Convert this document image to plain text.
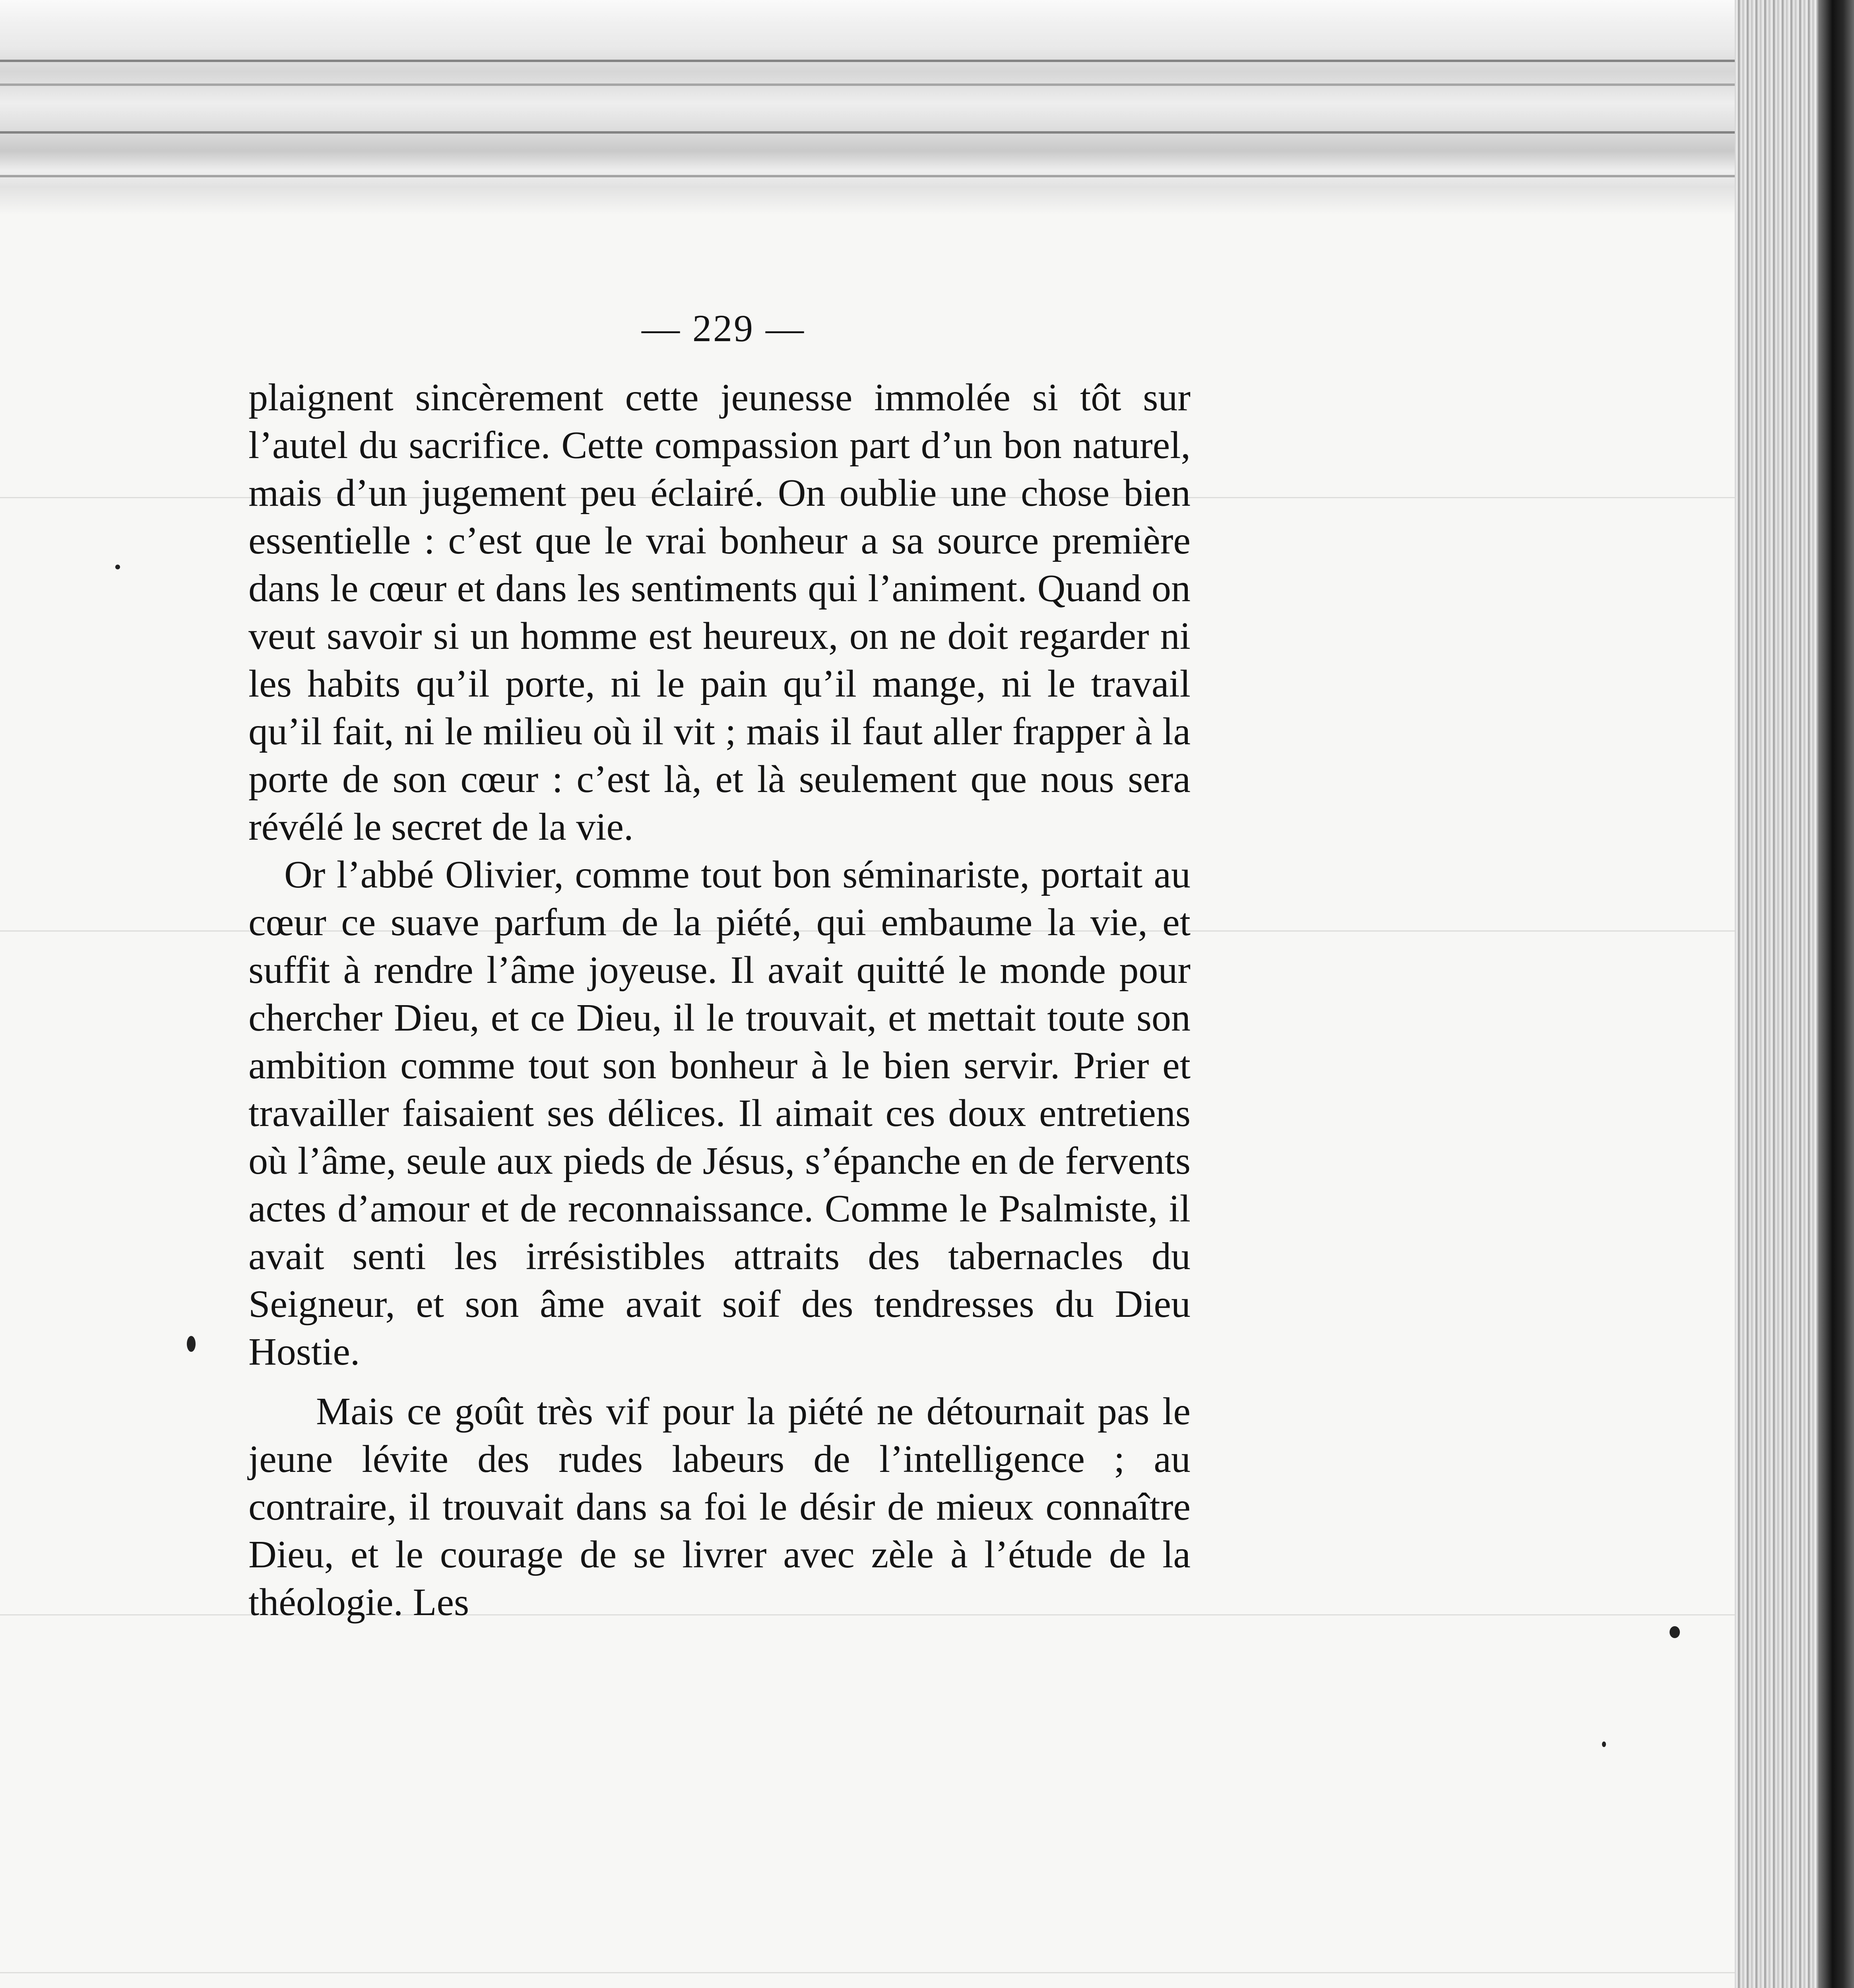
— 229 —

plaignent sincèrement cette jeunesse immolée si tôt sur l’autel du sacrifice. Cette compassion part d’un bon naturel, mais d’un jugement peu éclairé. On oublie une chose bien essentielle : c’est que le vrai bonheur a sa source première dans le cœur et dans les sentiments qui l’animent. Quand on veut savoir si un homme est heureux, on ne doit regarder ni les habits qu’il porte, ni le pain qu’il mange, ni le travail qu’il fait, ni le milieu où il vit ; mais il faut aller frapper à la porte de son cœur : c’est là, et là seulement que nous sera révélé le secret de la vie.

Or l’abbé Olivier, comme tout bon séminariste, portait au cœur ce suave parfum de la piété, qui embaume la vie, et suffit à rendre l’âme joyeuse. Il avait quitté le monde pour chercher Dieu, et ce Dieu, il le trouvait, et mettait toute son ambition comme tout son bonheur à le bien servir. Prier et travailler faisaient ses délices. Il aimait ces doux entretiens où l’âme, seule aux pieds de Jésus, s’épanche en de fervents actes d’amour et de reconnaissance. Comme le Psalmiste, il avait senti les irrésistibles attraits des tabernacles du Seigneur, et son âme avait soif des tendresses du Dieu Hostie.

Mais ce goût très vif pour la piété ne détournait pas le jeune lévite des rudes labeurs de l’intelligence ; au contraire, il trouvait dans sa foi le désir de mieux connaître Dieu, et le courage de se livrer avec zèle à l’étude de la théologie. Les
